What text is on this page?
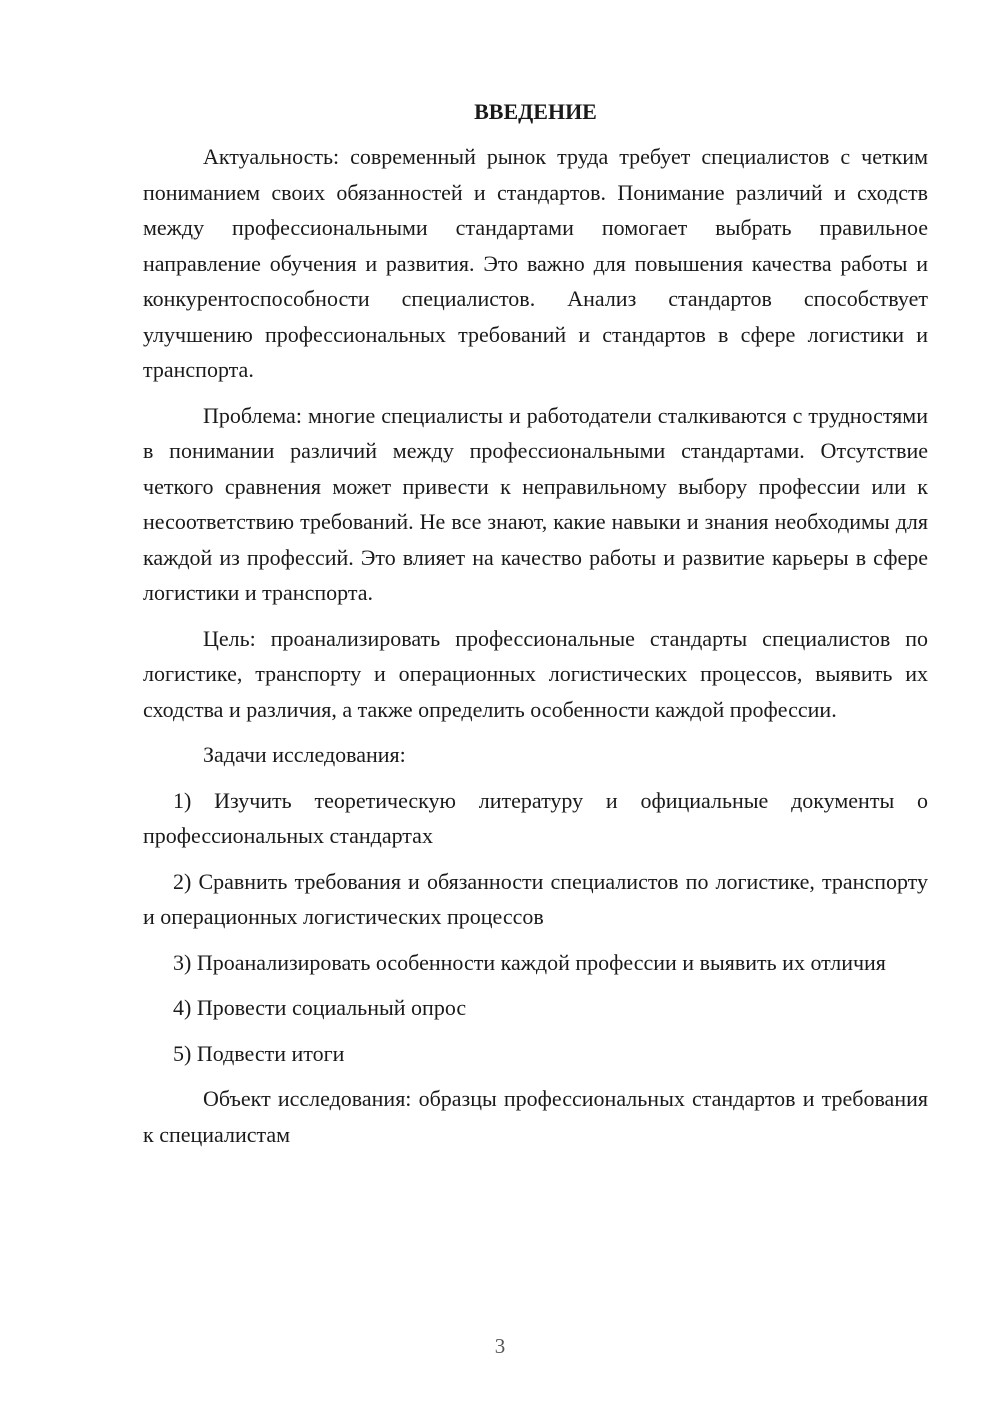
ВВЕДЕНИЕ

Актуальность: современный рынок труда требует специалистов с четким пониманием своих обязанностей и стандартов. Понимание различий и сходств между профессиональными стандартами помогает выбрать правильное направление обучения и развития. Это важно для повышения качества работы и конкурентоспособности специалистов. Анализ стандартов способствует улучшению профессиональных требований и стандартов в сфере логистики и транспорта.

Проблема: многие специалисты и работодатели сталкиваются с трудностями в понимании различий между профессиональными стандартами. Отсутствие четкого сравнения может привести к неправильному выбору профессии или к несоответствию требований. Не все знают, какие навыки и знания необходимы для каждой из профессий. Это влияет на качество работы и развитие карьеры в сфере логистики и транспорта.

Цель: проанализировать профессиональные стандарты специалистов по логистике, транспорту и операционных логистических процессов, выявить их сходства и различия, а также определить особенности каждой профессии.

Задачи исследования:

1) Изучить теоретическую литературу и официальные документы о профессиональных стандартах

2) Сравнить требования и обязанности специалистов по логистике, транспорту и операционных логистических процессов

3) Проанализировать особенности каждой профессии и выявить их отличия

4) Провести социальный опрос

5) Подвести итоги

Объект исследования: образцы профессиональных стандартов и требования к специалистам

3
